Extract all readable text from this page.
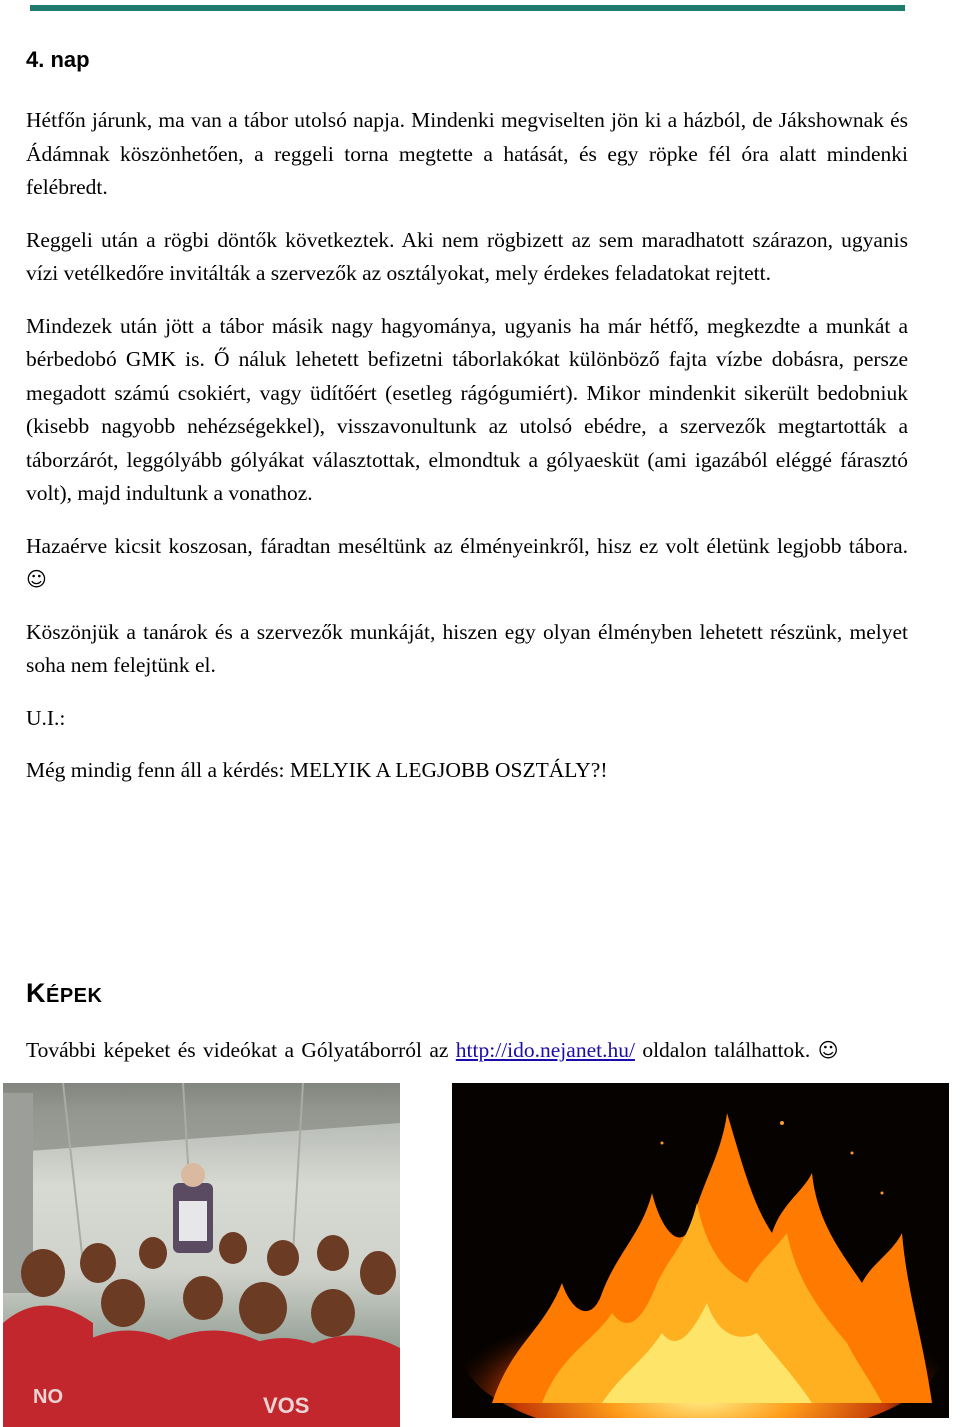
4. nap

Hétfőn járunk, ma van a tábor utolsó napja. Mindenki megviselten jön ki a házból, de Jákshownak és Ádámnak köszönhetően, a reggeli torna megtette a hatását, és egy röpke fél óra alatt mindenki felébredt.

Reggeli után a rögbi döntők következtek. Aki nem rögbizett az sem maradhatott szárazon, ugyanis vízi vetélkedőre invitálták a szervezők az osztályokat, mely érdekes feladatokat rejtett.

Mindezek után jött a tábor másik nagy hagyománya, ugyanis ha már hétfő, megkezdte a munkát a bérbedobó GMK is. Ő náluk lehetett befizetni táborlakókat különböző fajta vízbe dobásra, persze megadott számú csokiért, vagy üdítőért (esetleg rágógumiért). Mikor mindenkit sikerült bedobniuk (kisebb nagyobb nehézségekkel), visszavonultunk az utolsó ebédre, a szervezők megtartották a táborzárót, leggólyább gólyákat választottak, elmondtuk a gólyaesküt (ami igazából eléggé fárasztó volt), majd indultunk a vonathoz.

Hazaérve kicsit koszosan, fáradtan meséltünk az élményeinkről, hisz ez volt életünk legjobb tábora. ☺

Köszönjük a tanárok és a szervezők munkáját, hiszen egy olyan élményben lehetett részünk, melyet soha nem felejtünk el.

U.I.:

Még mindig fenn áll a kérdés: MELYIK A LEGJOBB OSZTÁLY?!

KÉPEK
További képeket és videókat a Gólyatáborról az http://ido.nejanet.hu/ oldalon találhattok. ☺
NO	VOS
